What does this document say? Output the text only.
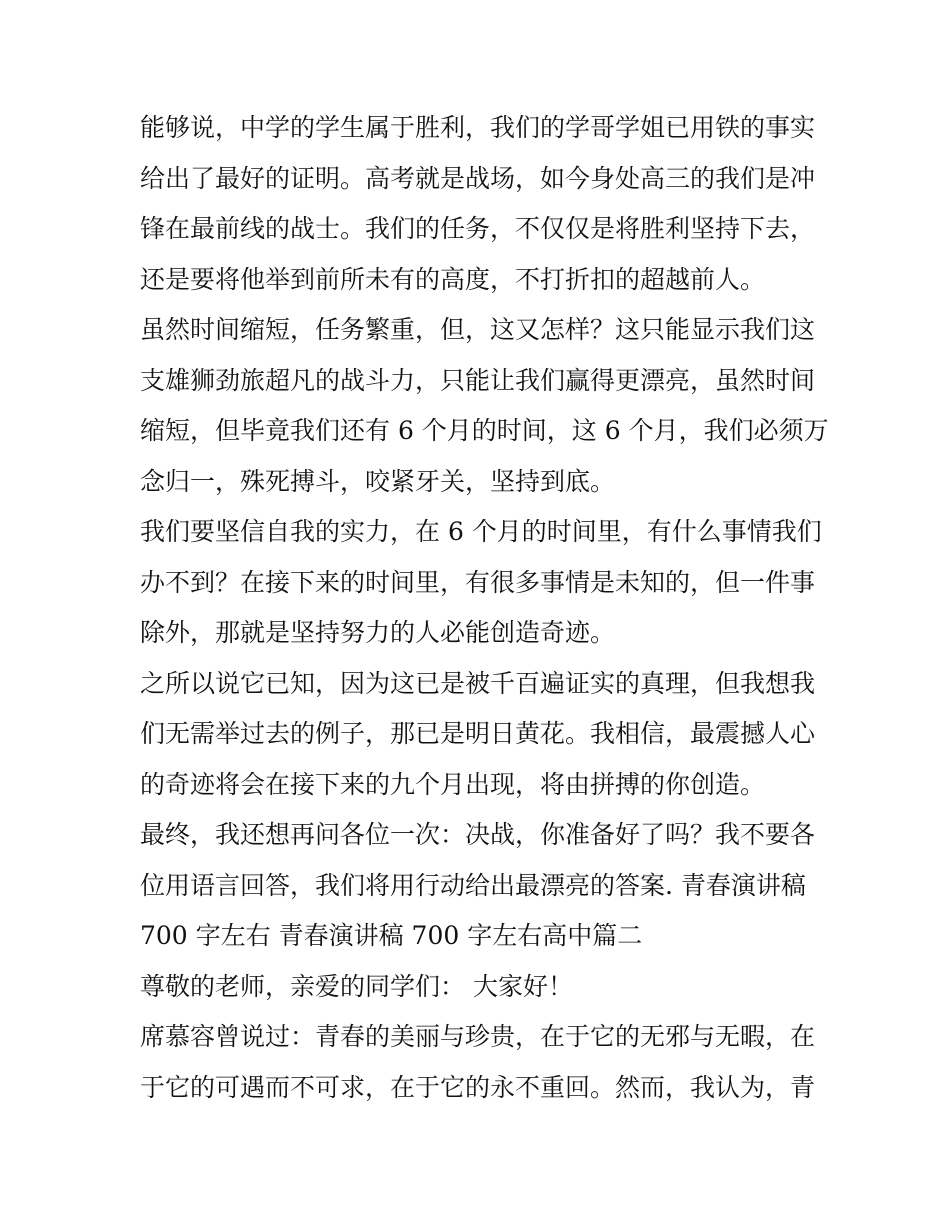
能够说，中学的学生属于胜利，我们的学哥学姐已用铁的事实
给出了最好的证明。高考就是战场，如今身处高三的我们是冲
锋在最前线的战士。我们的任务，不仅仅是将胜利坚持下去，
还是要将他举到前所未有的高度，不打折扣的超越前人。
虽然时间缩短，任务繁重，但，这又怎样？这只能显示我们这
支雄狮劲旅超凡的战斗力，只能让我们赢得更漂亮，虽然时间
缩短，但毕竟我们还有 6 个月的时间，这 6 个月，我们必须万
念归一，殊死搏斗，咬紧牙关，坚持到底。
我们要坚信自我的实力，在 6 个月的时间里，有什么事情我们
办不到？在接下来的时间里，有很多事情是未知的，但一件事
除外，那就是坚持努力的人必能创造奇迹。
之所以说它已知，因为这已是被千百遍证实的真理，但我想我
们无需举过去的例子，那已是明日黄花。我相信，最震撼人心
的奇迹将会在接下来的九个月出现，将由拼搏的你创造。
最终，我还想再问各位一次：决战，你准备好了吗？我不要各
位用语言回答，我们将用行动给出最漂亮的答案. 青春演讲稿
700 字左右 青春演讲稿 700 字左右高中篇二
尊敬的老师，亲爱的同学们： 大家好！
席慕容曾说过：青春的美丽与珍贵，在于它的无邪与无暇，在
于它的可遇而不可求，在于它的永不重回。然而，我认为，青
